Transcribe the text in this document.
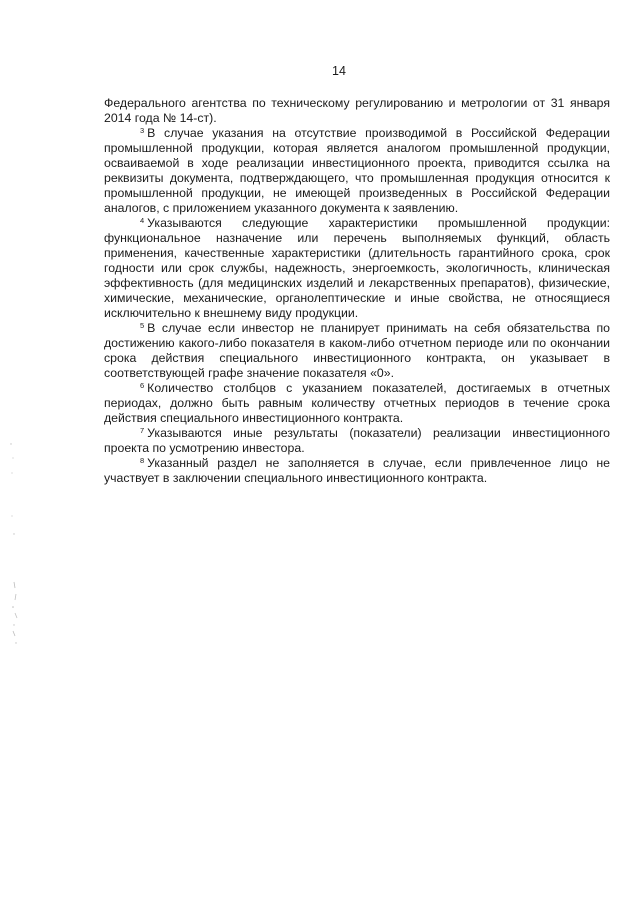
14

Федерального агентства по техническому регулированию и метрологии от 31 января 2014 года № 14-ст).

$^3$ В случае указания на отсутствие производимой в Российской Федерации промышленной продукции, которая является аналогом промышленной продукции, осваиваемой в ходе реализации инвестиционного проекта, приводится ссылка на реквизиты документа, подтверждающего, что промышленная продукция относится к промышленной продукции, не имеющей произведенных в Российской Федерации аналогов, с приложением указанного документа к заявлению.

$^4$ Указываются следующие характеристики промышленной продукции: функциональное назначение или перечень выполняемых функций, область применения, качественные характеристики (длительность гарантийного срока, срок годности или срок службы, надежность, энергоемкость, экологичность, клиническая эффективность (для медицинских изделий и лекарственных препаратов), физические, химические, механические, органолептические и иные свойства, не относящиеся исключительно к внешнему виду продукции.

$^5$ В случае если инвестор не планирует принимать на себя обязательства по достижению какого-либо показателя в каком-либо отчетном периоде или по окончании срока действия специального инвестиционного контракта, он указывает в соответствующей графе значение показателя «0».

$^6$ Количество столбцов с указанием показателей, достигаемых в отчетных периодах, должно быть равным количеству отчетных периодов в течение срока действия специального инвестиционного контракта.

$^7$ Указываются иные результаты (показатели) реализации инвестиционного проекта по усмотрению инвестора.

$^8$ Указанный раздел не заполняется в случае, если привлеченное лицо не участвует в заключении специального инвестиционного контракта.
